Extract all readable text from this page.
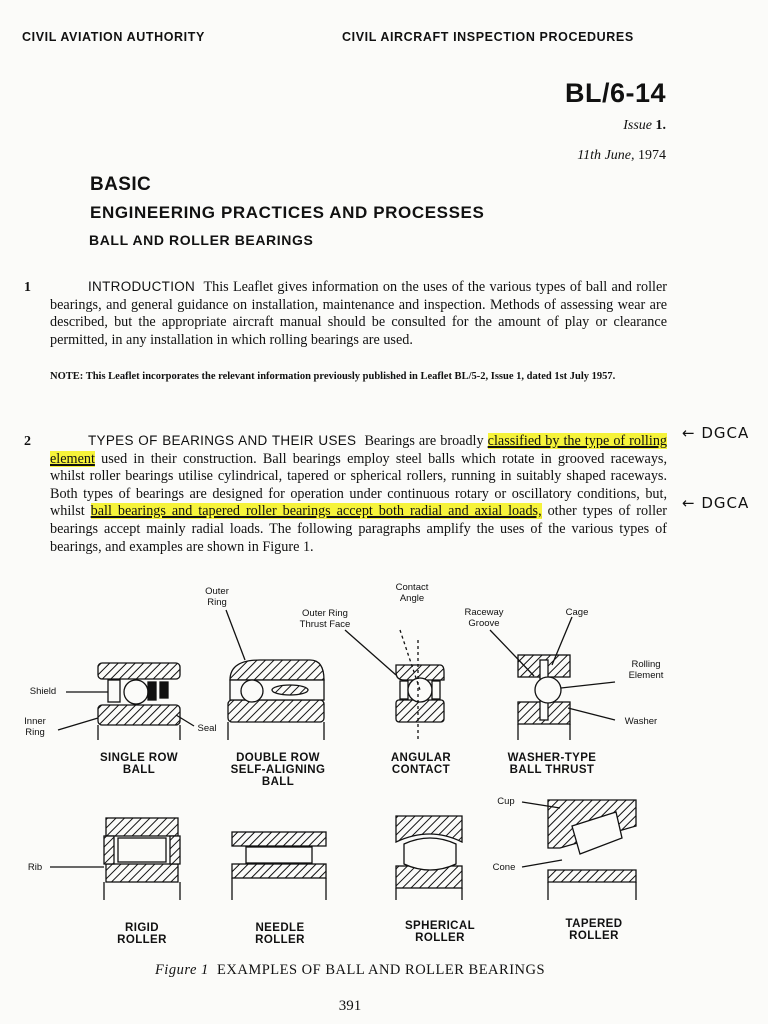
CIVIL AVIATION AUTHORITY	CIVIL AIRCRAFT INSPECTION PROCEDURES
BL/6-14
Issue 1.
11th June, 1974
BASIC
ENGINEERING PRACTICES AND PROCESSES
BALL AND ROLLER BEARINGS
1	INTRODUCTION This Leaflet gives information on the uses of the various types of ball and roller bearings, and general guidance on installation, maintenance and inspection. Methods of assessing wear are described, but the appropriate aircraft manual should be consulted for the amount of play or clearance permitted, in any installation in which rolling bearings are used.
NOTE: This Leaflet incorporates the relevant information previously published in Leaflet BL/5-2, Issue 1, dated 1st July 1957.
2	TYPES OF BEARINGS AND THEIR USES Bearings are broadly classified by the type of rolling element used in their construction. Ball bearings employ steel balls which rotate in grooved raceways, whilst roller bearings utilise cylindrical, tapered or spherical rollers, running in suitably shaped raceways. Both types of bearings are designed for operation under continuous rotary or oscillatory conditions, but, whilst ball bearings and tapered roller bearings accept both radial and axial loads, other types of roller bearings accept mainly radial loads. The following paragraphs amplify the uses of the various types of bearings, and examples are shown in Figure 1.
← DGCA
← DGCA
Outer Ring
Contact Angle
Outer Ring Thrust Face
Raceway Groove
Cage
Rolling Element
Shield
Inner Ring	Seal
Washer
Cup
Cone
Rib
SINGLE ROW BALL
DOUBLE ROW SELF-ALIGNING BALL
ANGULAR CONTACT
WASHER-TYPE BALL THRUST
RIGID ROLLER
NEEDLE ROLLER
SPHERICAL ROLLER
TAPERED ROLLER
Figure 1 EXAMPLES OF BALL AND ROLLER BEARINGS
391
